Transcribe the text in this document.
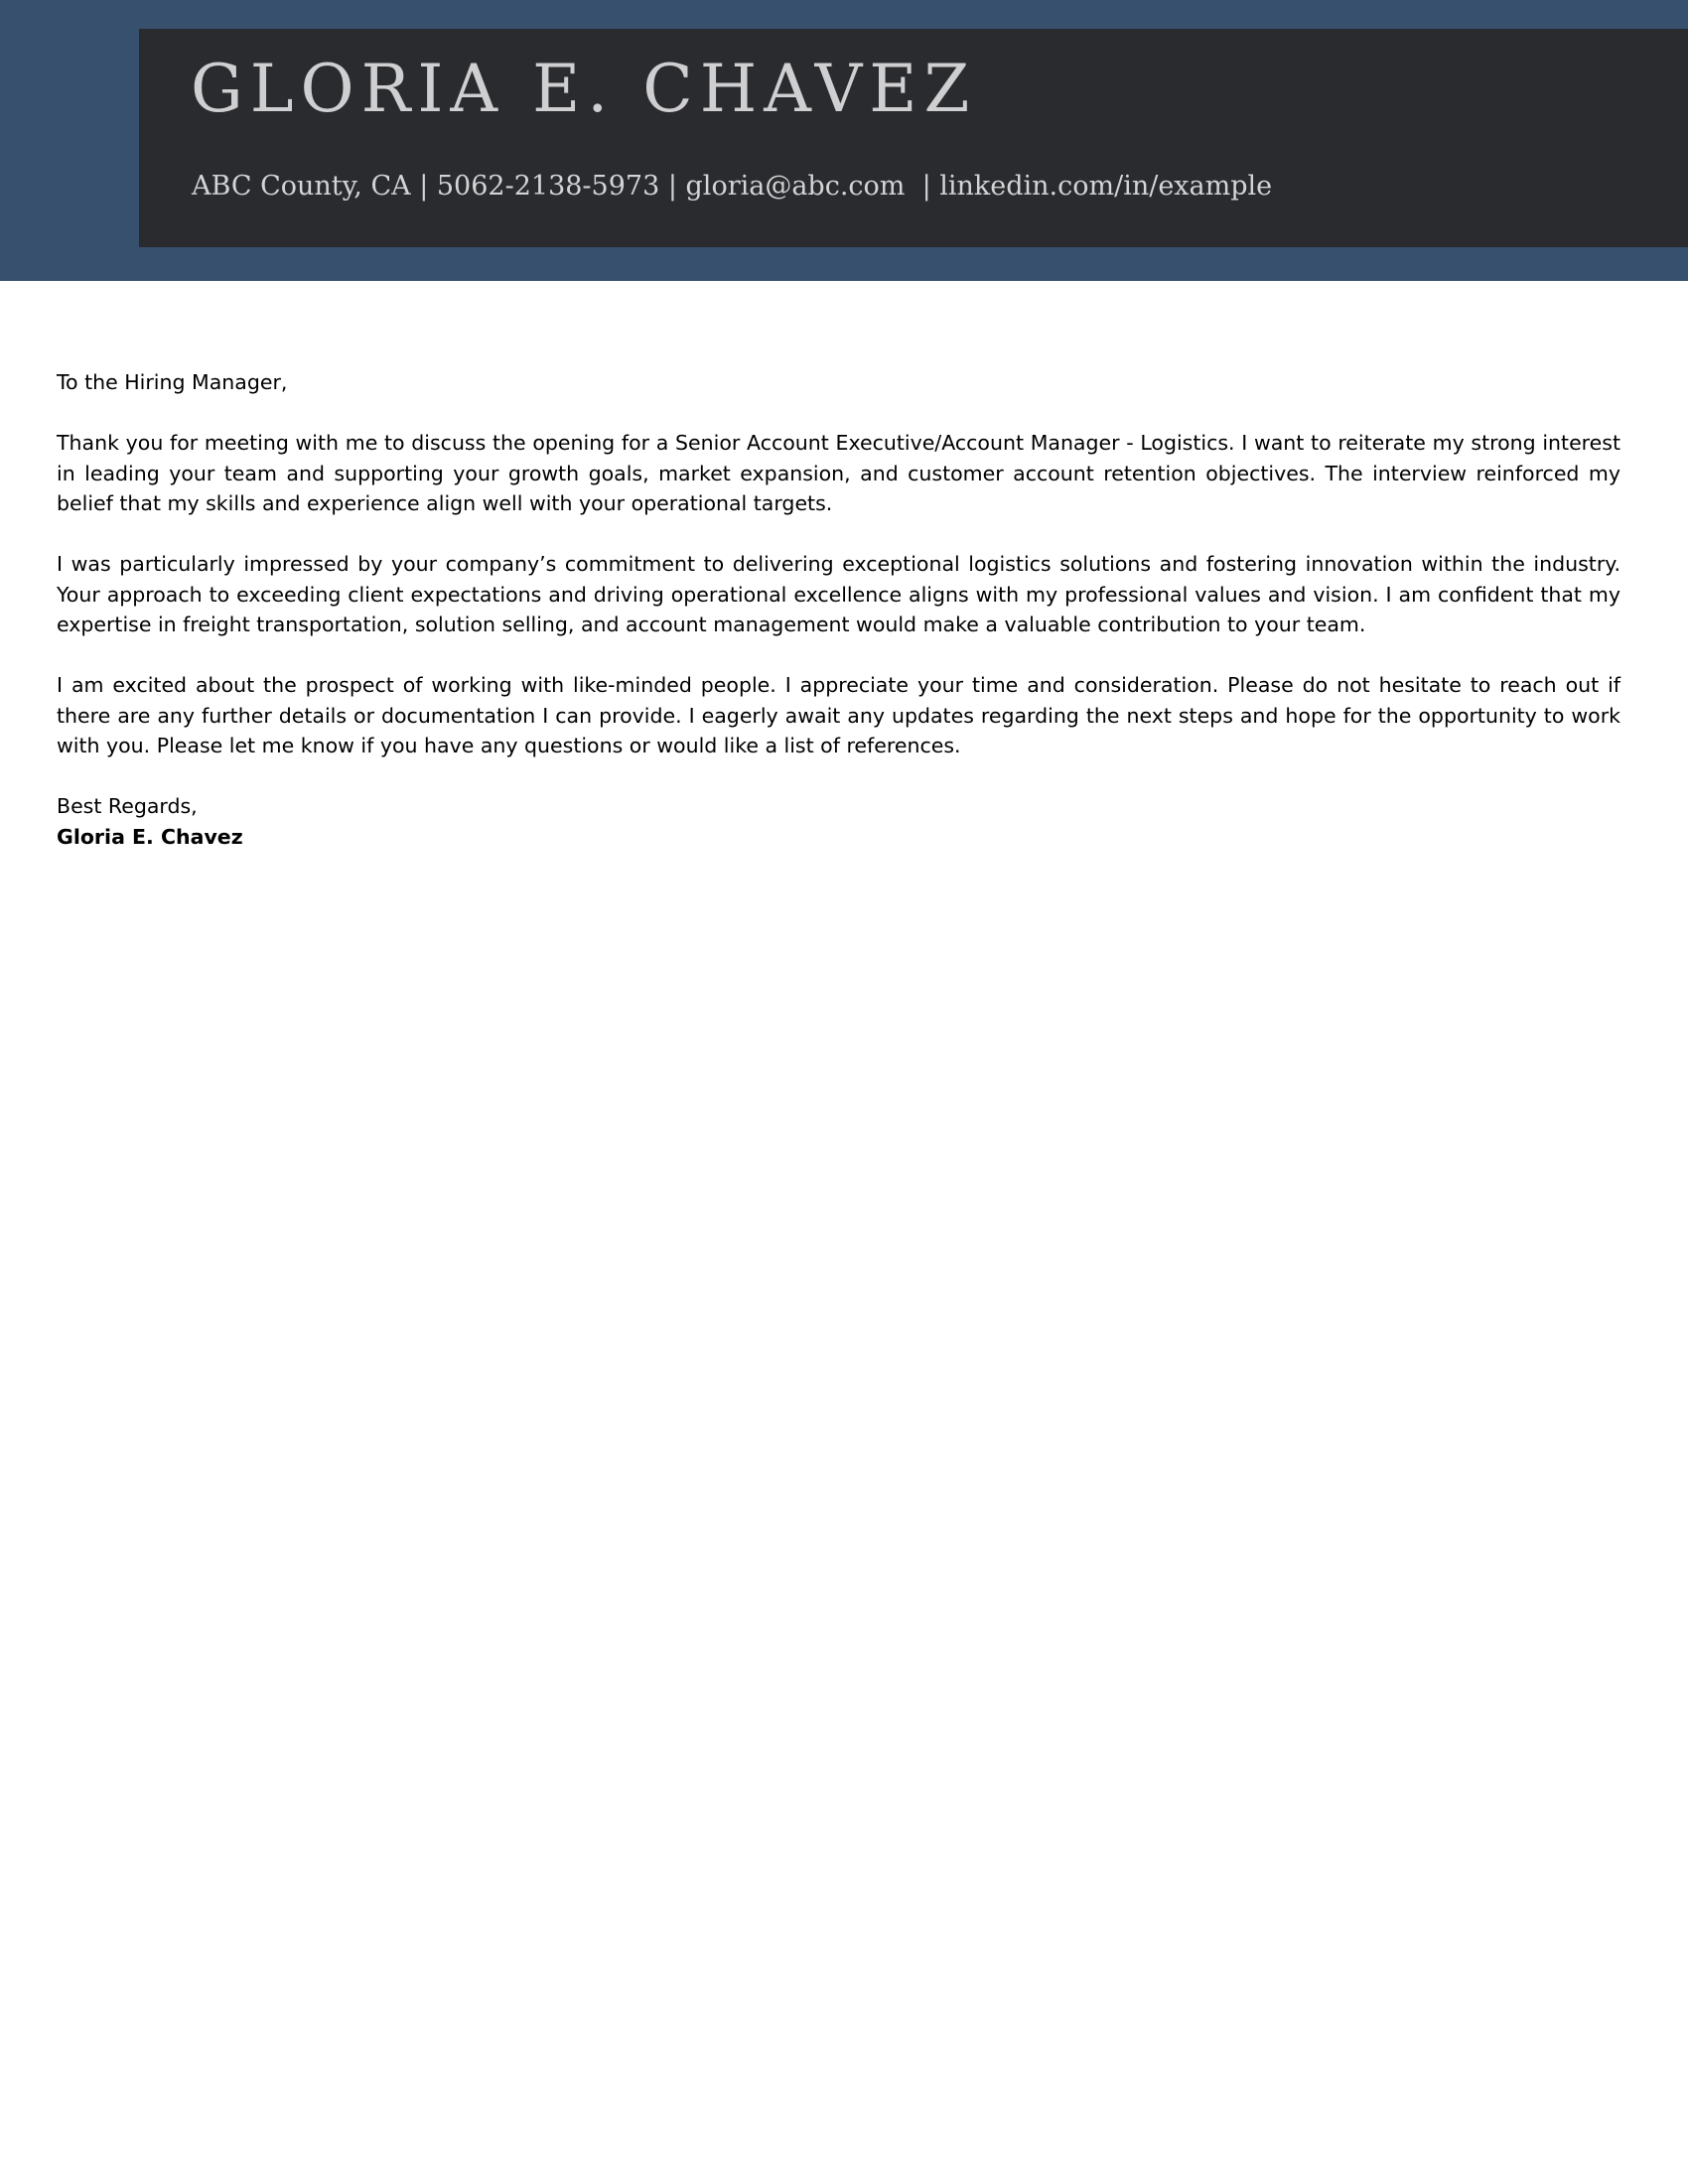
GLORIA E. CHAVEZ
ABC County, CA | 5062-2138-5973 | gloria@abc.com  | linkedin.com/in/example

To the Hiring Manager,

Thank you for meeting with me to discuss the opening for a Senior Account Executive/Account Manager - Logistics. I want to reiterate my strong interest in leading your team and supporting your growth goals, market expansion, and customer account retention objectives. The interview reinforced my belief that my skills and experience align well with your operational targets.

I was particularly impressed by your company’s commitment to delivering exceptional logistics solutions and fostering innovation within the industry. Your approach to exceeding client expectations and driving operational excellence aligns with my professional values and vision. I am confident that my expertise in freight transportation, solution selling, and account management would make a valuable contribution to your team.

I am excited about the prospect of working with like-minded people. I appreciate your time and consideration. Please do not hesitate to reach out if there are any further details or documentation I can provide. I eagerly await any updates regarding the next steps and hope for the opportunity to work with you. Please let me know if you have any questions or would like a list of references.

Best Regards,

Gloria E. Chavez
